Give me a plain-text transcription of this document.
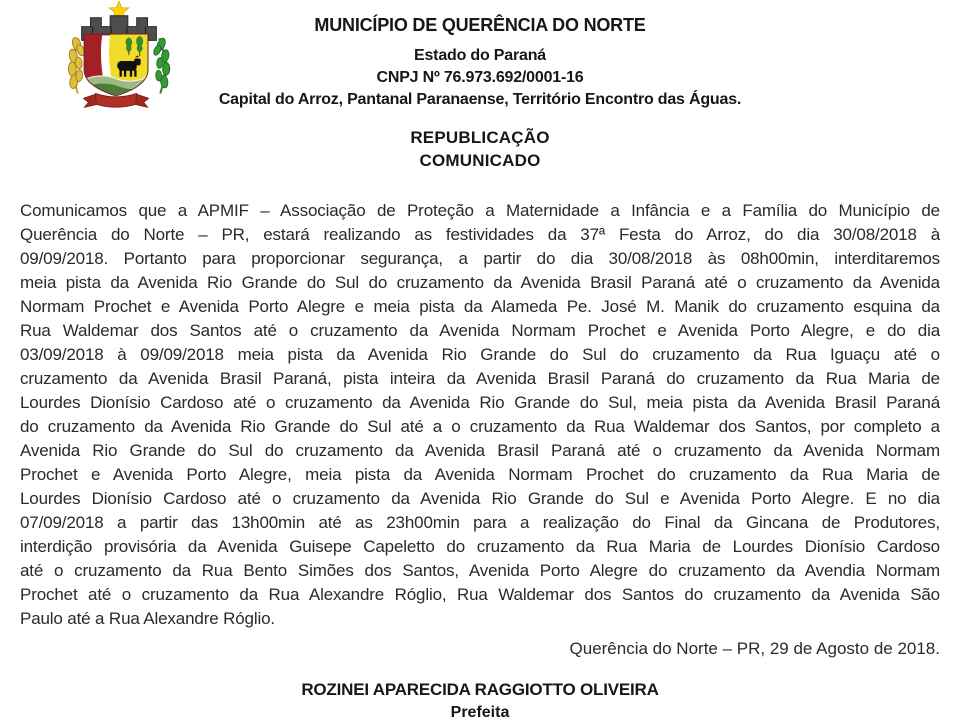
MUNICÍPIO DE QUERÊNCIA DO NORTE
Estado do Paraná
CNPJ Nº 76.973.692/0001-16
Capital do Arroz, Pantanal Paranaense, Território Encontro das Águas.
REPUBLICAÇÃO
COMUNICADO
Comunicamos que a APMIF – Associação de Proteção a Maternidade a Infância e a Família do Município de
Querência do Norte – PR, estará realizando as festividades da 37ª Festa do Arroz, do dia 30/08/2018 à
09/09/2018. Portanto para proporcionar segurança, a partir do dia 30/08/2018 às 08h00min, interditaremos
meia pista da Avenida Rio Grande do Sul do cruzamento da Avenida Brasil Paraná até o cruzamento da Avenida
Normam Prochet e Avenida Porto Alegre e meia pista da Alameda Pe. José M. Manik do cruzamento esquina da
Rua Waldemar dos Santos até o cruzamento da Avenida Normam Prochet e Avenida Porto Alegre, e do dia
03/09/2018 à 09/09/2018 meia pista da Avenida Rio Grande do Sul do cruzamento da Rua Iguaçu até o
cruzamento da Avenida Brasil Paraná, pista inteira da Avenida Brasil Paraná do cruzamento da Rua Maria de
Lourdes Dionísio Cardoso até o cruzamento da Avenida Rio Grande do Sul, meia pista da Avenida Brasil Paraná
do cruzamento da Avenida Rio Grande do Sul até a o cruzamento da Rua Waldemar dos Santos, por completo a
Avenida Rio Grande do Sul do cruzamento da Avenida Brasil Paraná até o cruzamento da Avenida Normam
Prochet e Avenida Porto Alegre, meia pista da Avenida Normam Prochet do cruzamento da Rua Maria de
Lourdes Dionísio Cardoso até o cruzamento da Avenida Rio Grande do Sul e Avenida Porto Alegre. E no dia
07/09/2018 a partir das 13h00min até as 23h00min para a realização do Final da Gincana de Produtores,
interdição provisória da Avenida Guisepe Capeletto do cruzamento da Rua Maria de Lourdes Dionísio Cardoso
até o cruzamento da Rua Bento Simões dos Santos, Avenida Porto Alegre do cruzamento da Avendia Normam
Prochet até o cruzamento da Rua Alexandre Róglio, Rua Waldemar dos Santos do cruzamento da Avenida São
Paulo até a Rua Alexandre Róglio.
Querência do Norte – PR, 29 de Agosto de 2018.
ROZINEI APARECIDA RAGGIOTTO OLIVEIRA
Prefeita
